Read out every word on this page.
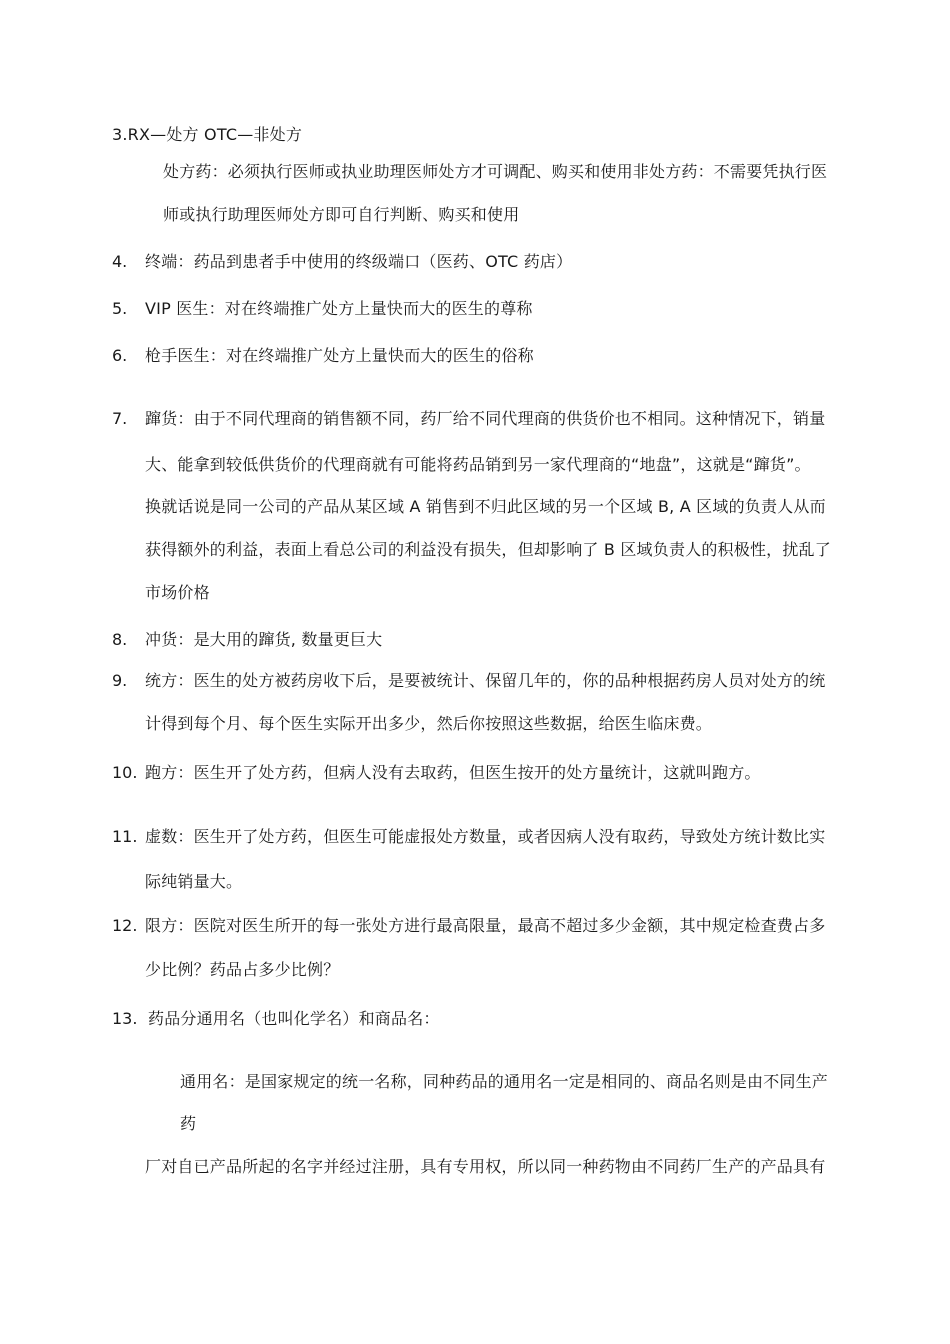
3.RX—处方 OTC—非处方
处方药：必须执行医师或执业助理医师处方才可调配、购买和使用非处方药：不需要凭执行医
师或执行助理医师处方即可自行判断、购买和使用
4. 终端：药品到患者手中使用的终级端口（医药、OTC 药店）
5. VIP 医生：对在终端推广处方上量快而大的医生的尊称
6. 枪手医生：对在终端推广处方上量快而大的医生的俗称
7. 蹿货：由于不同代理商的销售额不同，药厂给不同代理商的供货价也不相同。这种情况下，销量
大、能拿到较低供货价的代理商就有可能将药品销到另一家代理商的“地盘”，这就是“蹿货”。
换就话说是同一公司的产品从某区域 A 销售到不归此区域的另一个区域 B, A 区域的负责人从而
获得额外的利益，表面上看总公司的利益没有损失，但却影响了 B 区域负责人的积极性，扰乱了
市场价格
8. 冲货：是大用的蹿货, 数量更巨大
9. 统方：医生的处方被药房收下后，是要被统计、保留几年的，你的品种根据药房人员对处方的统
计得到每个月、每个医生实际开出多少，然后你按照这些数据，给医生临床费。
10. 跑方：医生开了处方药，但病人没有去取药，但医生按开的处方量统计，这就叫跑方。
11. 虚数：医生开了处方药，但医生可能虚报处方数量，或者因病人没有取药，导致处方统计数比实
际纯销量大。
12. 限方：医院对医生所开的每一张处方进行最高限量，最高不超过多少金额，其中规定检查费占多
少比例？药品占多少比例？
13. 药品分通用名（也叫化学名）和商品名：
通用名：是国家规定的统一名称，同种药品的通用名一定是相同的、商品名则是由不同生产
药
厂对自已产品所起的名字并经过注册，具有专用权，所以同一种药物由不同药厂生产的产品具有
